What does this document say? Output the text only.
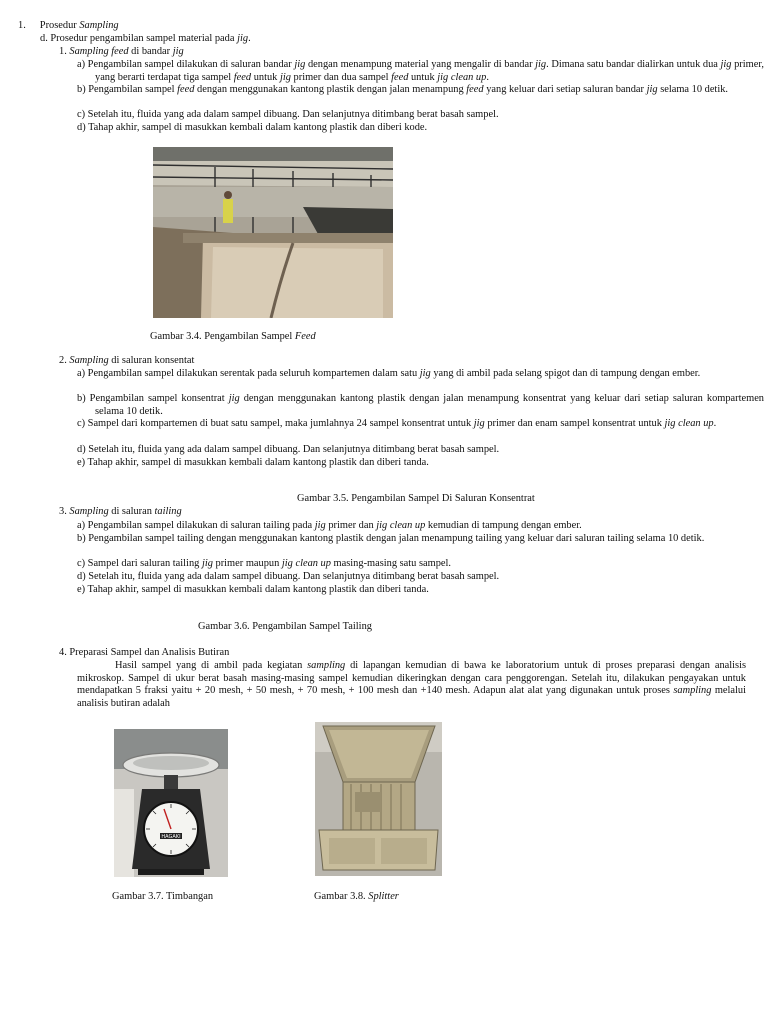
1. Prosedur Sampling
d. Prosedur pengambilan sampel material pada jig.
1. Sampling feed di bandar jig
a) Pengambilan sampel dilakukan di saluran bandar jig dengan menampung material yang mengalir di bandar jig. Dimana satu bandar dialirkan untuk dua jig primer, yang berarti terdapat tiga sampel feed untuk jig primer dan dua sampel feed untuk jig clean up.
b) Pengambilan sampel feed dengan menggunakan kantong plastik dengan jalan menampung feed yang keluar dari setiap saluran bandar jig selama 10 detik.
c) Setelah itu, fluida yang ada dalam sampel dibuang. Dan selanjutnya ditimbang berat basah sampel.
d) Tahap akhir, sampel di masukkan kembali dalam kantong plastik dan diberi kode.
Gambar 3.4. Pengambilan Sampel Feed
2. Sampling di saluran konsentat
a) Pengambilan sampel dilakukan serentak pada seluruh kompartemen dalam satu jig yang di ambil pada selang spigot dan di tampung dengan ember.
b) Pengambilan sampel konsentrat jig dengan menggunakan kantong plastik dengan jalan menampung konsentrat yang keluar dari setiap saluran kompartemen selama 10 detik.
c) Sampel dari kompartemen di buat satu sampel, maka jumlahnya 24 sampel konsentrat untuk jig primer dan enam sampel konsentrat untuk jig clean up.
d) Setelah itu, fluida yang ada dalam sampel dibuang. Dan selanjutnya ditimbang berat basah sampel.
e) Tahap akhir, sampel di masukkan kembali dalam kantong plastik dan diberi tanda.
Gambar 3.5. Pengambilan Sampel Di Saluran Konsentrat
3. Sampling di saluran tailing
a) Pengambilan sampel dilakukan di saluran tailing pada jig primer dan jig clean up kemudian di tampung dengan ember.
b) Pengambilan sampel tailing dengan menggunakan kantong plastik dengan jalan menampung tailing yang keluar dari saluran tailing selama 10 detik.
c) Sampel dari saluran tailing jig primer maupun jig clean up masing-masing satu sampel.
d) Setelah itu, fluida yang ada dalam sampel dibuang. Dan selanjutnya ditimbang berat basah sampel.
e) Tahap akhir, sampel di masukkan kembali dalam kantong plastik dan diberi tanda.
Gambar 3.6. Pengambilan Sampel Tailing
4. Preparasi Sampel dan Analisis Butiran
Hasil sampel yang di ambil pada kegiatan sampling di lapangan kemudian di bawa ke laboratorium untuk di proses preparasi dengan analisis mikroskop. Sampel di ukur berat basah masing-masing sampel kemudian dikeringkan dengan cara penggorengan. Setelah itu, dilakukan pengayakan untuk mendapatkan 5 fraksi yaitu + 20 mesh, + 50 mesh, + 70 mesh, + 100 mesh dan +140 mesh. Adapun alat alat yang digunakan untuk proses sampling melalui analisis butiran adalah
HAGAKI
Gambar 3.7. Timbangan	Gambar 3.8. Splitter
